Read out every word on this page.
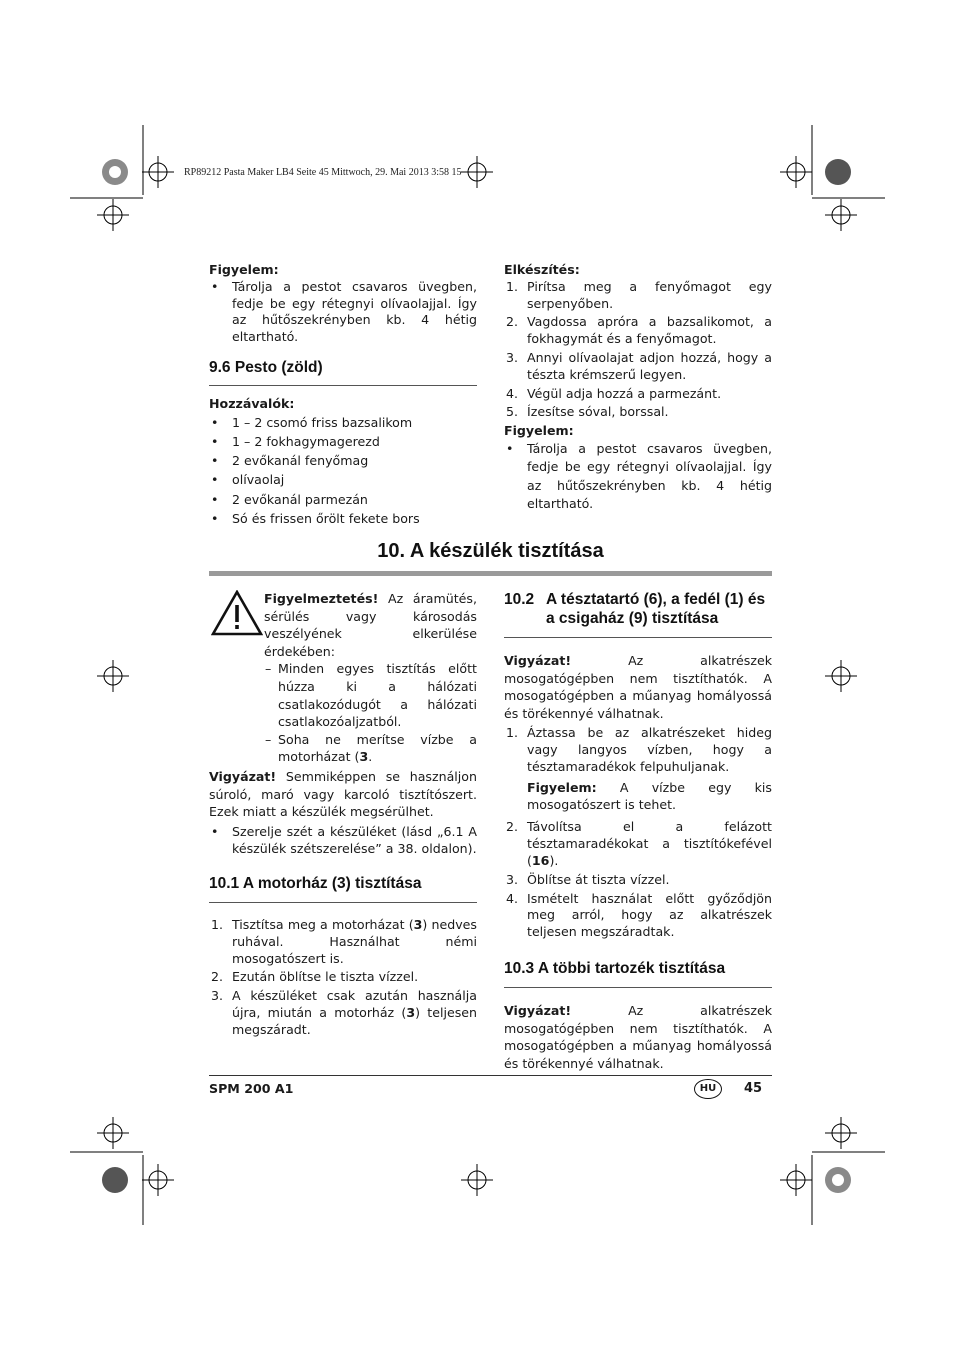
RP89212 Pasta Maker LB4 Seite 45 Mittwoch, 29. Mai 2013 3:58 15

Figyelem:

• Tárolja a pestot csavaros üvegben, fedje be egy rétegnyi olívaolajjal. Így az hűtőszekrényben kb. 4 hétig eltartható.
9.6 Pesto (zöld)

Hozzávalók:

• 1 – 2 csomó friss bazsalikom
• 1 – 2 fokhagymagerezd
• 2 evőkanál fenyőmag
• olívaolaj
• 2 evőkanál parmezán
• Só és frissen őrölt fekete bors

Elkészítés:

1. Pirítsa meg a fenyőmagot egy serpenyőben.
2. Vagdossa apróra a bazsalikomot, a fokhagymát és a fenyőmagot.
3. Annyi olívaolajat adjon hozzá, hogy a tészta krémszerű legyen.
4. Végül adja hozzá a parmezánt.
5. Ízesítse sóval, borssal.

Figyelem:

• Tárolja a pestot csavaros üvegben, fedje be egy rétegnyi olívaolajjal. Így az hűtőszekrényben kb. 4 hétig eltartható.
10. A készülék tisztítása

Figyelmeztetés! Az áramütés, sérülés vagy károsodás veszélyének elkerülése érdekében:

– Minden egyes tisztítás előtt húzza ki a hálózati csatlakozódugót a hálózati csatlakozóaljzatból.
– Soha ne merítse vízbe a motorházat (3.

Vigyázat! Semmiképpen se használjon súroló, maró vagy karcoló tisztítószert. Ezek miatt a készülék megsérülhet.

• Szerelje szét a készüléket (lásd „6.1 A készülék szétszerelése” a 38. oldalon).
10.1 A motorház (3) tisztítása
1. Tisztítsa meg a motorházat (3) nedves ruhával. Használhat némi mosogatószert is.
2. Ezután öblítse le tiszta vízzel.
3. A készüléket csak azután használja újra, miután a motorház (3) teljesen megszáradt.
10.2 A tésztatartó (6), a fedél (1) és a csigaház (9) tisztítása

Vigyázat! Az alkatrészek mosogatógépben nem tisztíthatók. A mosogatógépben a műanyag homályossá és törékennyé válhatnak.

1. Áztassa be az alkatrészeket hideg vagy langyos vízben, hogy a tésztamaradékok felpuhuljanak.
Figyelem: A vízbe egy kis mosogatószert is tehet.
2. Távolítsa el a felázott tésztamaradékokat a tisztítókefével (16).
3. Öblítse át tiszta vízzel.
4. Ismételt használat előtt győződjön meg arról, hogy az alkatrészek teljesen megszáradtak.
10.3 A többi tartozék tisztítása

Vigyázat! Az alkatrészek mosogatógépben nem tisztíthatók. A mosogatógépben a műanyag homályossá és törékennyé válhatnak.

SPM 200 A1	HU	45
